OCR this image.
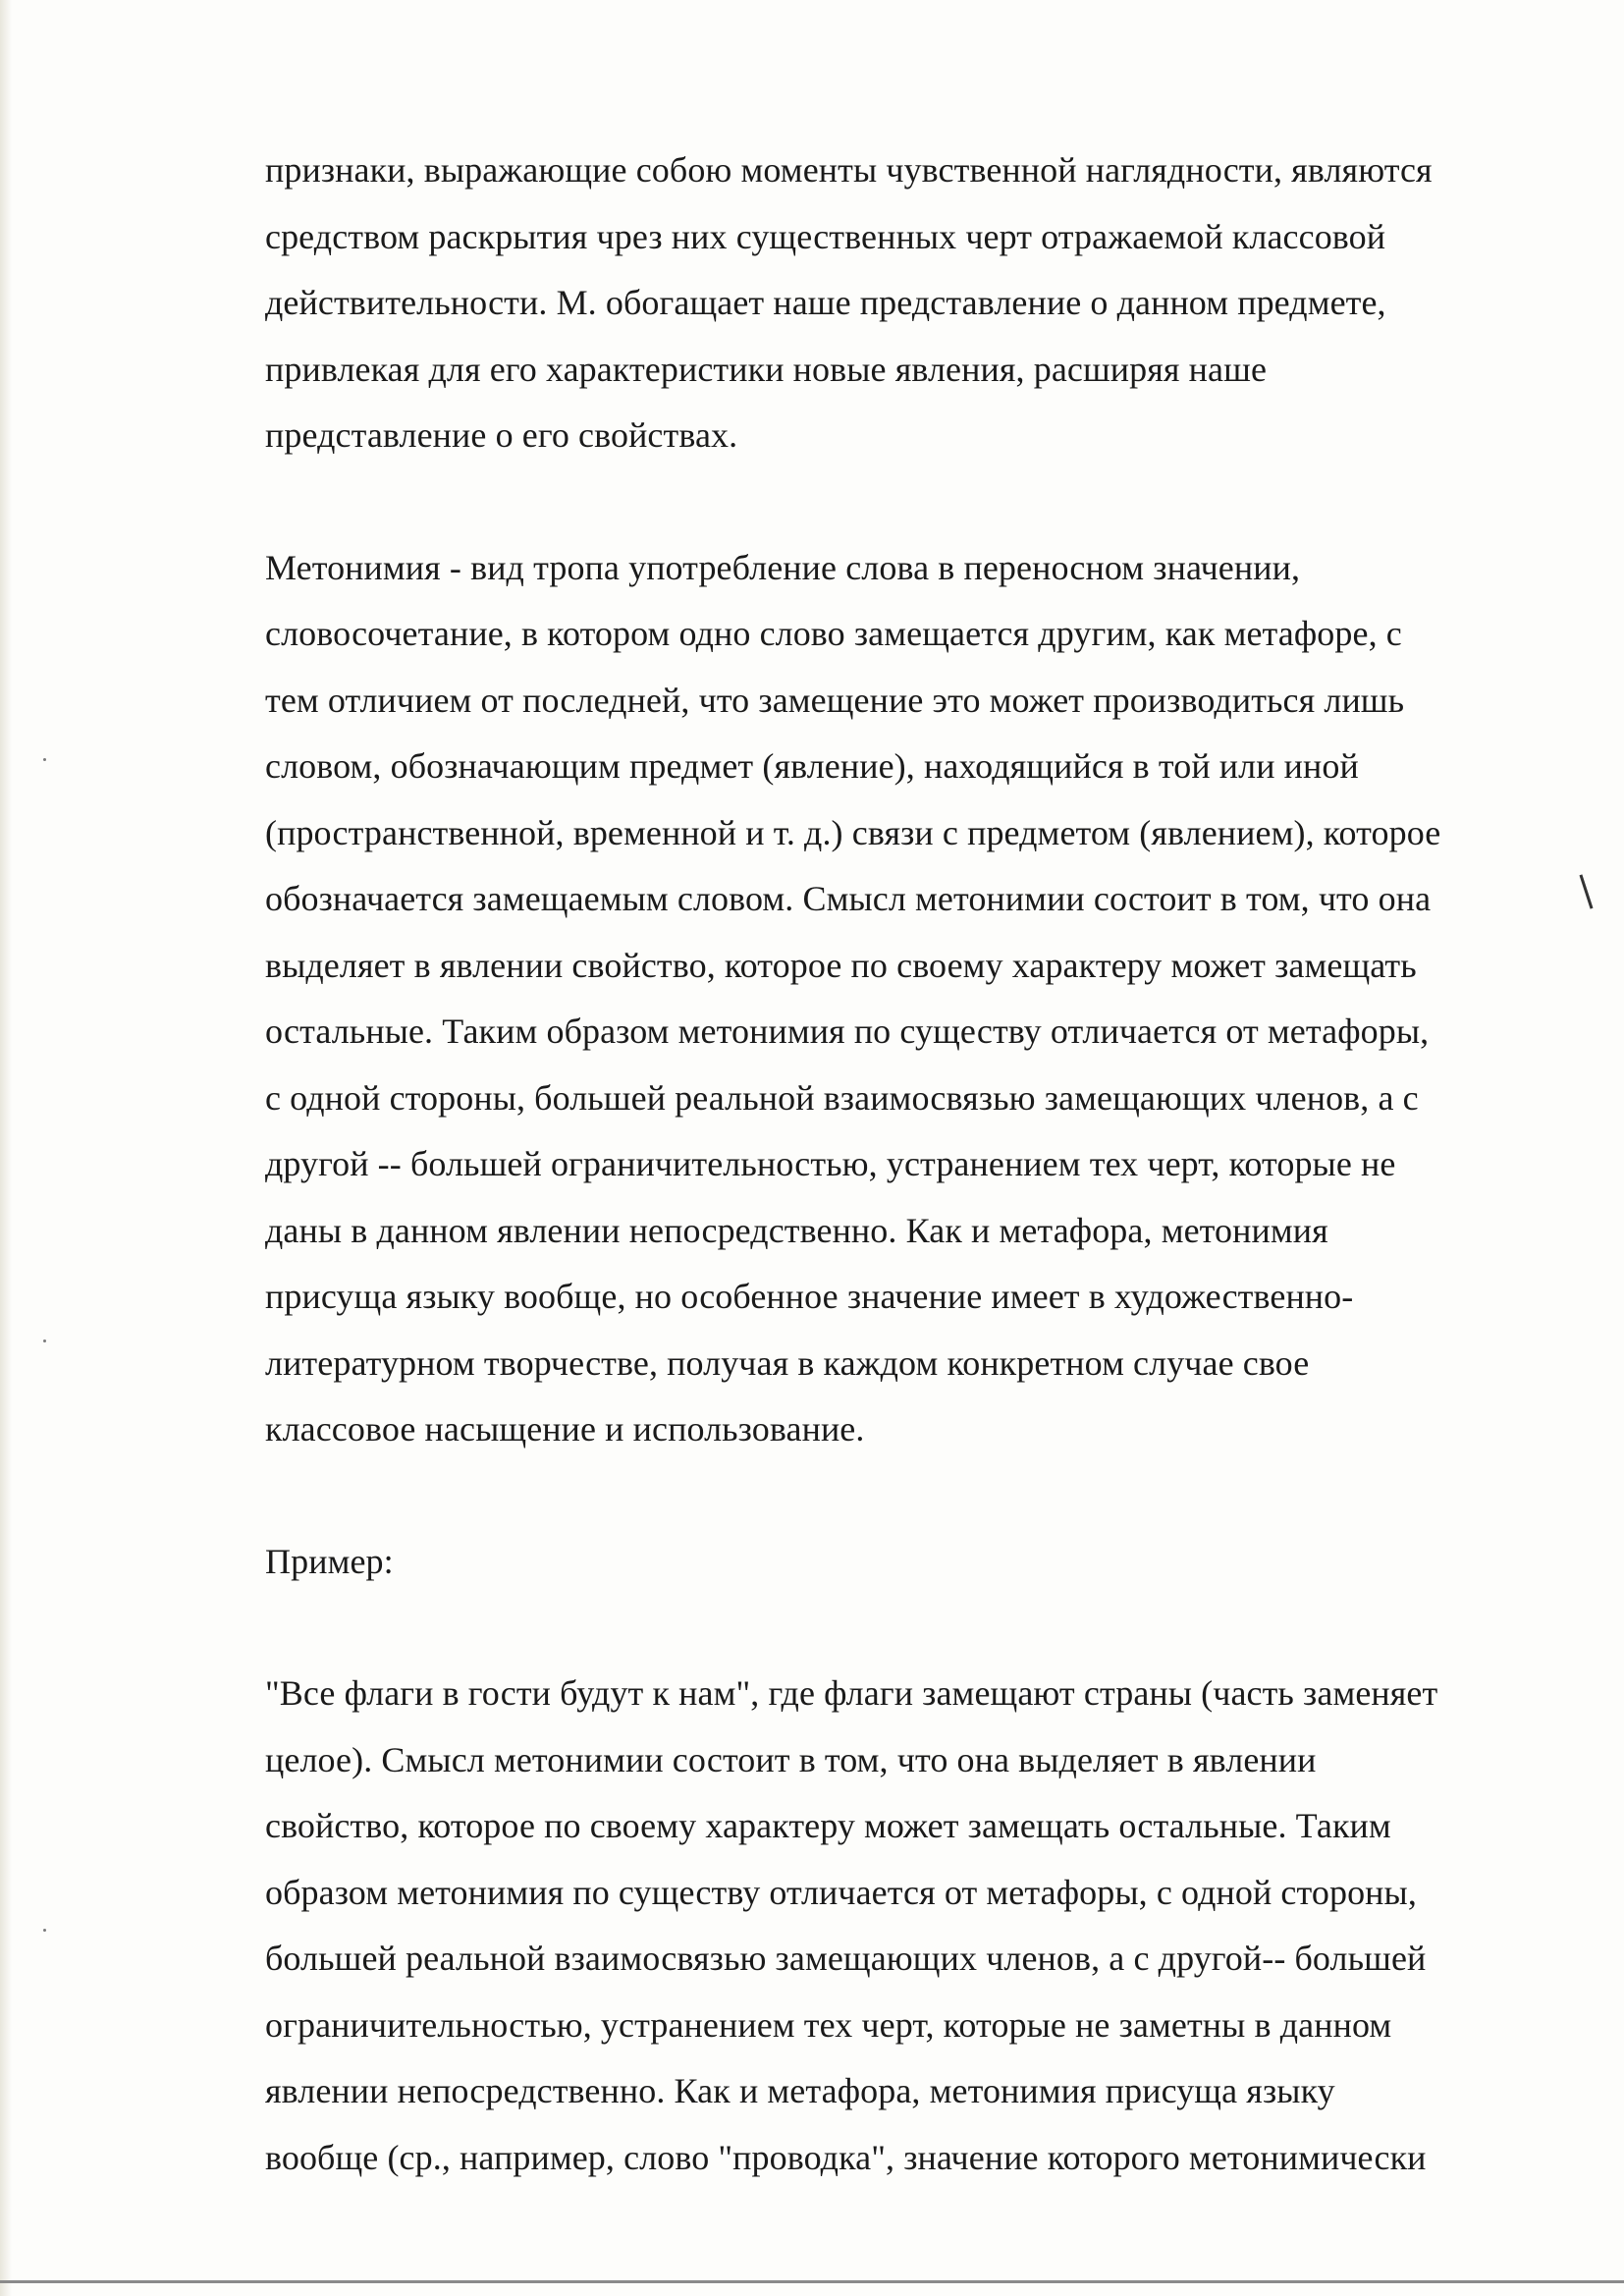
признаки, выражающие собою моменты чувственной наглядности, являются
средством раскрытия чрез них существенных черт отражаемой классовой
действительности. М. обогащает наше представление о данном предмете,
привлекая для его характеристики новые явления, расширяя наше
представление о его свойствах.

Метонимия - вид тропа употребление слова в переносном значении,
словосочетание, в котором одно слово замещается другим, как метафоре, с
тем отличием от последней, что замещение это может производиться лишь
словом, обозначающим предмет (явление), находящийся в той или иной
(пространственной, временной и т. д.) связи с предметом (явлением), которое
обозначается замещаемым словом. Смысл метонимии состоит в том, что она
выделяет в явлении свойство, которое по своему характеру может замещать
остальные. Таким образом метонимия по существу отличается от метафоры,
с одной стороны, большей реальной взаимосвязью замещающих членов, а с
другой -- большей ограничительностью, устранением тех черт, которые не
даны в данном явлении непосредственно. Как и метафора, метонимия
присуща языку вообще, но особенное значение имеет в художественно-
литературном творчестве, получая в каждом конкретном случае свое
классовое насыщение и использование.

Пример:

"Все флаги в гости будут к нам", где флаги замещают страны (часть заменяет
целое). Смысл метонимии состоит в том, что она выделяет в явлении
свойство, которое по своему характеру может замещать остальные. Таким
образом метонимия по существу отличается от метафоры, с одной стороны,
большей реальной взаимосвязью замещающих членов, а с другой-- большей
ограничительностью, устранением тех черт, которые не заметны в данном
явлении непосредственно. Как и метафора, метонимия присуща языку
вообще (ср., например, слово "проводка", значение которого метонимически
